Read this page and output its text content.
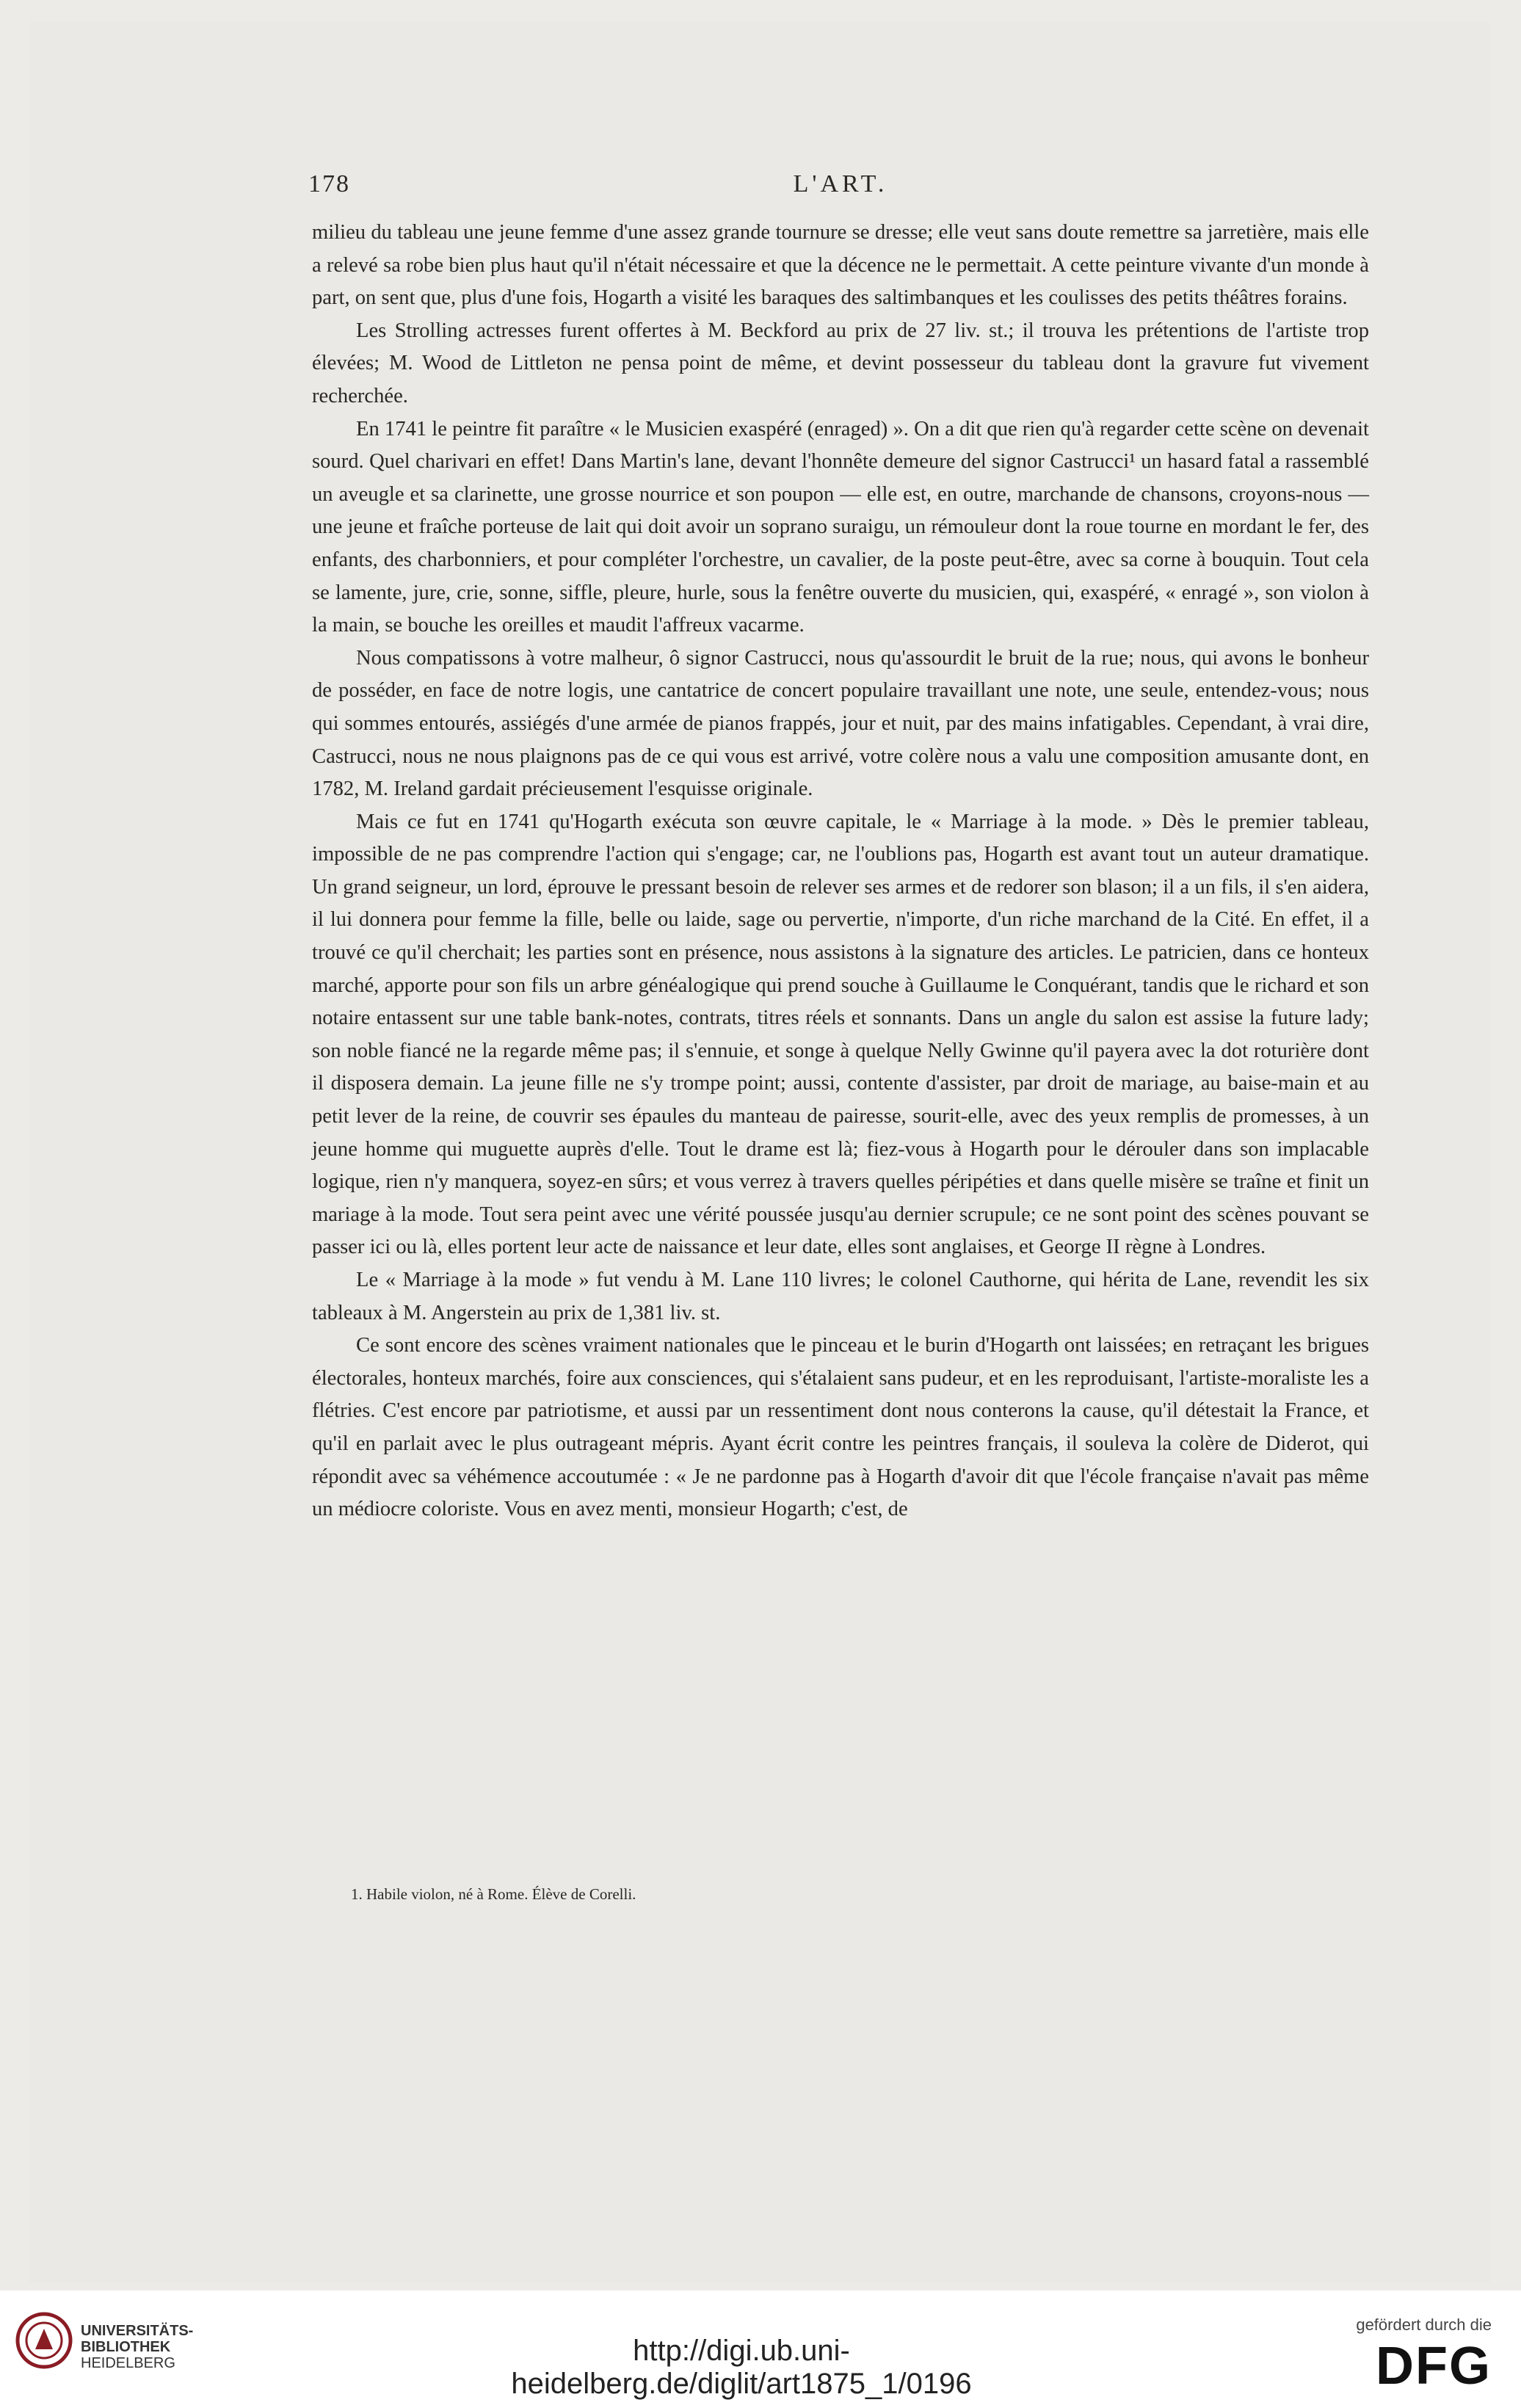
178	L'ART.

milieu du tableau une jeune femme d'une assez grande tournure se dresse; elle veut sans doute remettre sa jarretière, mais elle a relevé sa robe bien plus haut qu'il n'était nécessaire et que la décence ne le permettait. A cette peinture vivante d'un monde à part, on sent que, plus d'une fois, Hogarth a visité les baraques des saltimbanques et les coulisses des petits théâtres forains.

Les Strolling actresses furent offertes à M. Beckford au prix de 27 liv. st.; il trouva les prétentions de l'artiste trop élevées; M. Wood de Littleton ne pensa point de même, et devint possesseur du tableau dont la gravure fut vivement recherchée.

En 1741 le peintre fit paraître « le Musicien exaspéré (enraged) ». On a dit que rien qu'à regarder cette scène on devenait sourd. Quel charivari en effet! Dans Martin's lane, devant l'honnête demeure del signor Castrucci¹ un hasard fatal a rassemblé un aveugle et sa clarinette, une grosse nourrice et son poupon — elle est, en outre, marchande de chansons, croyons-nous — une jeune et fraîche porteuse de lait qui doit avoir un soprano suraigu, un rémouleur dont la roue tourne en mordant le fer, des enfants, des charbonniers, et pour compléter l'orchestre, un cavalier, de la poste peut-être, avec sa corne à bouquin. Tout cela se lamente, jure, crie, sonne, siffle, pleure, hurle, sous la fenêtre ouverte du musicien, qui, exaspéré, « enragé », son violon à la main, se bouche les oreilles et maudit l'affreux vacarme.

Nous compatissons à votre malheur, ô signor Castrucci, nous qu'assourdit le bruit de la rue; nous, qui avons le bonheur de posséder, en face de notre logis, une cantatrice de concert populaire travaillant une note, une seule, entendez-vous; nous qui sommes entourés, assiégés d'une armée de pianos frappés, jour et nuit, par des mains infatigables. Cependant, à vrai dire, Castrucci, nous ne nous plaignons pas de ce qui vous est arrivé, votre colère nous a valu une composition amusante dont, en 1782, M. Ireland gardait précieusement l'esquisse originale.

Mais ce fut en 1741 qu'Hogarth exécuta son œuvre capitale, le « Marriage à la mode. » Dès le premier tableau, impossible de ne pas comprendre l'action qui s'engage; car, ne l'oublions pas, Hogarth est avant tout un auteur dramatique. Un grand seigneur, un lord, éprouve le pressant besoin de relever ses armes et de redorer son blason; il a un fils, il s'en aidera, il lui donnera pour femme la fille, belle ou laide, sage ou pervertie, n'importe, d'un riche marchand de la Cité. En effet, il a trouvé ce qu'il cherchait; les parties sont en présence, nous assistons à la signature des articles. Le patricien, dans ce honteux marché, apporte pour son fils un arbre généalogique qui prend souche à Guillaume le Conquérant, tandis que le richard et son notaire entassent sur une table bank-notes, contrats, titres réels et sonnants. Dans un angle du salon est assise la future lady; son noble fiancé ne la regarde même pas; il s'ennuie, et songe à quelque Nelly Gwinne qu'il payera avec la dot roturière dont il disposera demain. La jeune fille ne s'y trompe point; aussi, contente d'assister, par droit de mariage, au baise-main et au petit lever de la reine, de couvrir ses épaules du manteau de pairesse, sourit-elle, avec des yeux remplis de promesses, à un jeune homme qui muguette auprès d'elle. Tout le drame est là; fiez-vous à Hogarth pour le dérouler dans son implacable logique, rien n'y manquera, soyez-en sûrs; et vous verrez à travers quelles péripéties et dans quelle misère se traîne et finit un mariage à la mode. Tout sera peint avec une vérité poussée jusqu'au dernier scrupule; ce ne sont point des scènes pouvant se passer ici ou là, elles portent leur acte de naissance et leur date, elles sont anglaises, et George II règne à Londres.

Le « Marriage à la mode » fut vendu à M. Lane 110 livres; le colonel Cauthorne, qui hérita de Lane, revendit les six tableaux à M. Angerstein au prix de 1,381 liv. st.

Ce sont encore des scènes vraiment nationales que le pinceau et le burin d'Hogarth ont laissées; en retraçant les brigues électorales, honteux marchés, foire aux consciences, qui s'étalaient sans pudeur, et en les reproduisant, l'artiste-moraliste les a flétries. C'est encore par patriotisme, et aussi par un ressentiment dont nous conterons la cause, qu'il détestait la France, et qu'il en parlait avec le plus outrageant mépris. Ayant écrit contre les peintres français, il souleva la colère de Diderot, qui répondit avec sa véhémence accoutumée : « Je ne pardonne pas à Hogarth d'avoir dit que l'école française n'avait pas même un médiocre coloriste. Vous en avez menti, monsieur Hogarth; c'est, de

1. Habile violon, né à Rome. Élève de Corelli.
UNIVERSITÄTS-
BIBLIOTHEK
HEIDELBERG	http://digi.ub.uni-heidelberg.de/diglit/art1875_1/0196
gefördert durch die
DFG
